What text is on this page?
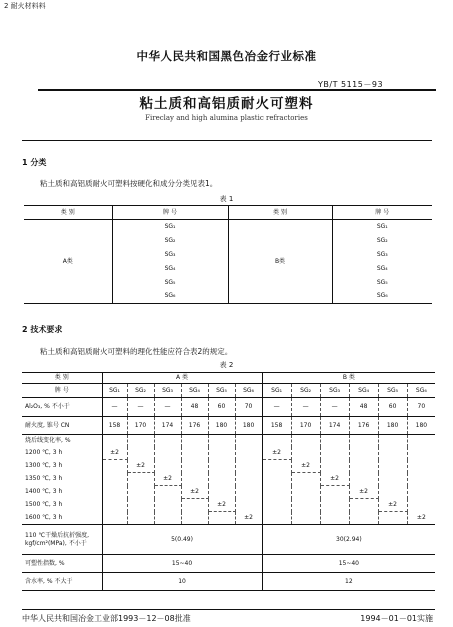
2 耐火材料料
中华人民共和国黑色冶金行业标准
YB/T 5115－93
粘土质和高铝质耐火可塑料
Fireclay and high alumina plastic refractories
1 分类
粘土质和高铝质耐火可塑料按硬化和成分分类见表1。
表 1
类 别	牌 号	类 别	牌 号
A类	SG₁	B类	SG₁
	SG₂		SG₂
	SG₃		SG₃
	SG₄		SG₄
	SG₅		SG₅
	SG₆		SG₆
2 技术要求
粘土质和高铝质耐火可塑料的理化性能应符合表2的规定。
表 2
类 别	A 类						B 类					
牌 号	SG₁	SG₂	SG₃	SG₄	SG₅	SG₆	SG₁	SG₂	SG₃	SG₄	SG₅	SG₆
Al₂O₃, % 不小于	—	—	—	48	60	70	—	—	—	48	60	70
耐火度, 锥号 CN	158	170	174	176	180	180	158	170	174	176	180	180
烧后线变化率, %												
1200 ℃, 3 h	±2						±2					
1300 ℃, 3 h		±2						±2				
1350 ℃, 3 h			±2						±2			
1400 ℃, 3 h				±2						±2		
1500 ℃, 3 h					±2						±2	
1600 ℃, 3 h						±2						±2
110 ℃干燥后抗折强度,
kgf/cm²(MPa), 不小于	5(0.49)						30(2.94)					
可塑性指数, %	15~40						15~40					
含水率, % 不大于	10						12					
中华人民共和国冶金工业部1993－12－08批准	1994－01－01实施
